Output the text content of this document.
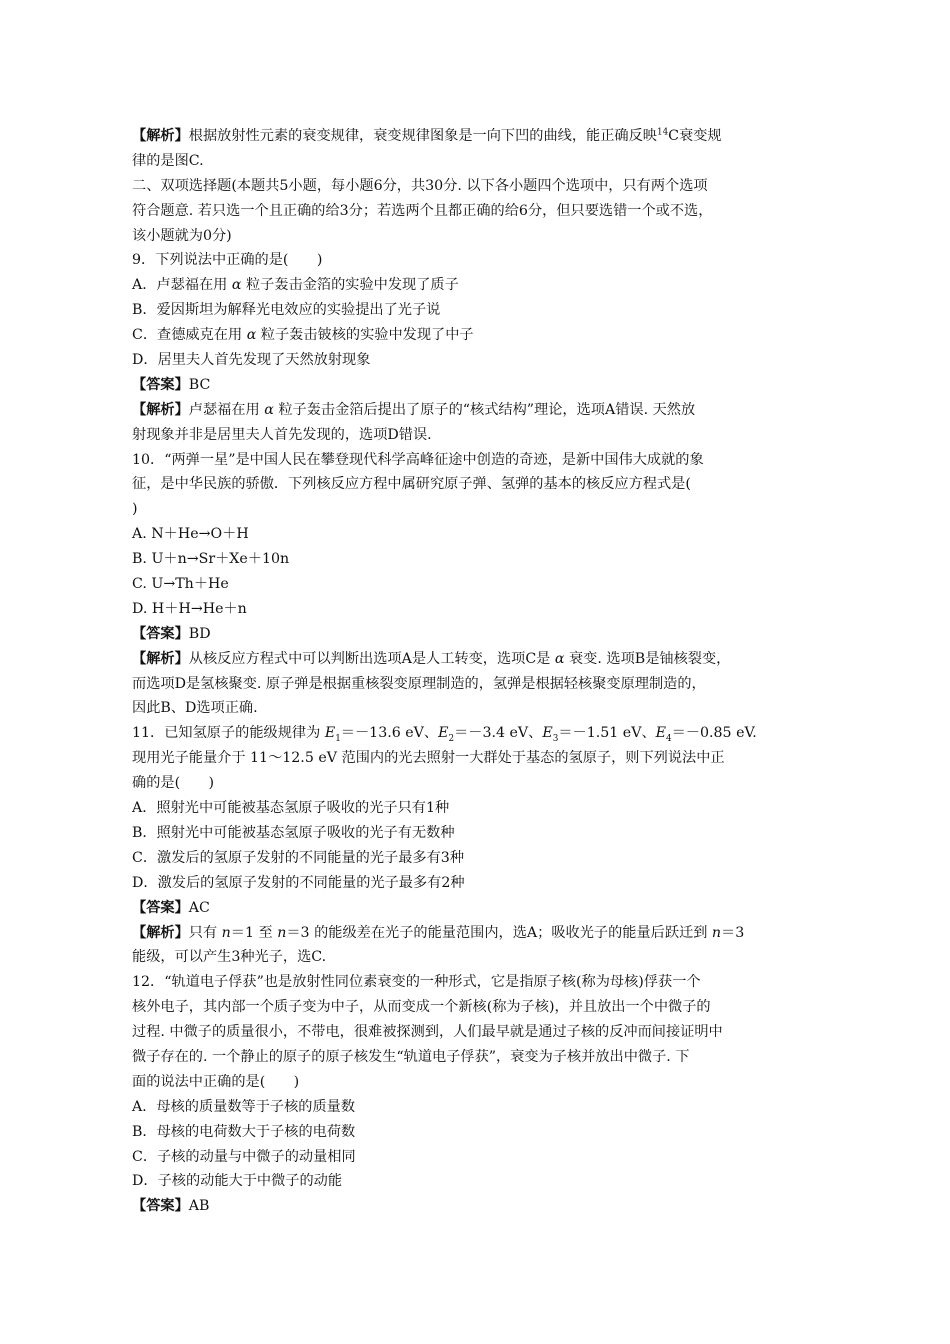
【解析】根据放射性元素的衰变规律，衰变规律图象是一向下凹的曲线，能正确反映$^{14}$C衰变规
律的是图C.
二、双项选择题(本题共5小题，每小题6分，共30分. 以下各小题四个选项中，只有两个选项
符合题意. 若只选一个且正确的给3分；若选两个且都正确的给6分，但只要选错一个或不选，
该小题就为0分)
9．下列说法中正确的是(　　)
A．卢瑟福在用 α 粒子轰击金箔的实验中发现了质子
B．爱因斯坦为解释光电效应的实验提出了光子说
C．查德威克在用 α 粒子轰击铍核的实验中发现了中子
D．居里夫人首先发现了天然放射现象
【答案】BC
【解析】卢瑟福在用 α 粒子轰击金箔后提出了原子的“核式结构”理论，选项A错误. 天然放
射现象并非是居里夫人首先发现的，选项D错误.
10．“两弹一星”是中国人民在攀登现代科学高峰征途中创造的奇迹，是新中国伟大成就的象
征，是中华民族的骄傲．下列核反应方程中属研究原子弹、氢弹的基本的核反应方程式是(
)
A. N＋He→O＋H
B. U＋n→Sr＋Xe＋10n
C. U→Th＋He
D. H＋H→He＋n
【答案】BD
【解析】从核反应方程式中可以判断出选项A是人工转变，选项C是 α 衰变. 选项B是铀核裂变，
而选项D是氢核聚变. 原子弹是根据重核裂变原理制造的，氢弹是根据轻核聚变原理制造的，
因此B、D选项正确.
11．已知氢原子的能级规律为 $E_1=-13.6$ eV、$E_2=-3.4$ eV、$E_3=-1.51$ eV、$E_4=-0.85$ eV.
现用光子能量介于 11～12.5 eV 范围内的光去照射一大群处于基态的氢原子，则下列说法中正
确的是(　　)
A．照射光中可能被基态氢原子吸收的光子只有1种
B．照射光中可能被基态氢原子吸收的光子有无数种
C．激发后的氢原子发射的不同能量的光子最多有3种
D．激发后的氢原子发射的不同能量的光子最多有2种
【答案】AC
【解析】只有 n＝1 至 n＝3 的能级差在光子的能量范围内，选A；吸收光子的能量后跃迁到 n＝3
能级，可以产生3种光子，选C.
12．“轨道电子俘获”也是放射性同位素衰变的一种形式，它是指原子核(称为母核)俘获一个
核外电子，其内部一个质子变为中子，从而变成一个新核(称为子核)，并且放出一个中微子的
过程. 中微子的质量很小，不带电，很难被探测到，人们最早就是通过子核的反冲而间接证明中
微子存在的. 一个静止的原子的原子核发生“轨道电子俘获”，衰变为子核并放出中微子. 下
面的说法中正确的是(　　)
A．母核的质量数等于子核的质量数
B．母核的电荷数大于子核的电荷数
C．子核的动量与中微子的动量相同
D．子核的动能大于中微子的动能
【答案】AB
